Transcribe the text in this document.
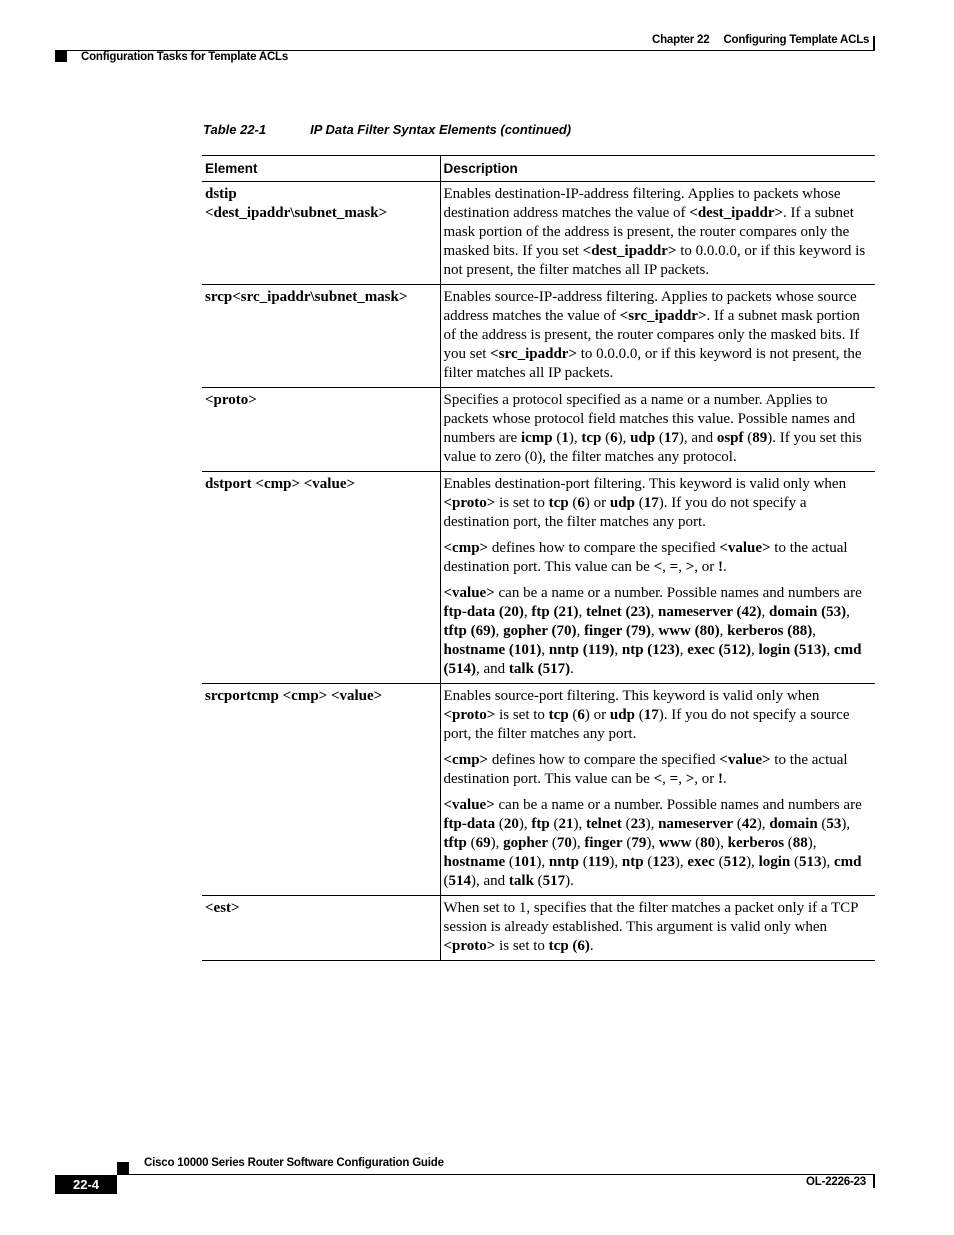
Chapter 22 Configuring Template ACLs
Configuration Tasks for Template ACLs
Table 22-1	IP Data Filter Syntax Elements (continued)
Element	Description
dstip
<dest_ipaddr\subnet_mask>	Enables destination-IP-address filtering. Applies to packets whose destination address matches the value of <dest_ipaddr>. If a subnet mask portion of the address is present, the router compares only the masked bits. If you set <dest_ipaddr> to 0.0.0.0, or if this keyword is not present, the filter matches all IP packets.

srcp<src_ipaddr\subnet_mask>	Enables source-IP-address filtering. Applies to packets whose source address matches the value of <src_ipaddr>. If a subnet mask portion of the address is present, the router compares only the masked bits. If you set <src_ipaddr> to 0.0.0.0, or if this keyword is not present, the filter matches all IP packets.

<proto>	Specifies a protocol specified as a name or a number. Applies to packets whose protocol field matches this value. Possible names and numbers are icmp (1), tcp (6), udp (17), and ospf (89). If you set this value to zero (0), the filter matches any protocol.

dstport <cmp> <value>	Enables destination-port filtering. This keyword is valid only when <proto> is set to tcp (6) or udp (17). If you do not specify a destination port, the filter matches any port.

<cmp> defines how to compare the specified <value> to the actual destination port. This value can be <, =, >, or !.

<value> can be a name or a number. Possible names and numbers are ftp-data (20), ftp (21), telnet (23), nameserver (42), domain (53), tftp (69), gopher (70), finger (79), www (80), kerberos (88), hostname (101), nntp (119), ntp (123), exec (512), login (513), cmd (514), and talk (517).

srcportcmp <cmp> <value>	Enables source-port filtering. This keyword is valid only when <proto> is set to tcp (6) or udp (17). If you do not specify a source port, the filter matches any port.

<cmp> defines how to compare the specified <value> to the actual destination port. This value can be <, =, >, or !.

<value> can be a name or a number. Possible names and numbers are ftp-data (20), ftp (21), telnet (23), nameserver (42), domain (53), tftp (69), gopher (70), finger (79), www (80), kerberos (88), hostname (101), nntp (119), ntp (123), exec (512), login (513), cmd (514), and talk (517).

<est>	When set to 1, specifies that the filter matches a packet only if a TCP session is already established. This argument is valid only when <proto> is set to tcp (6).

Cisco 10000 Series Router Software Configuration Guide
22-4	OL-2226-23
